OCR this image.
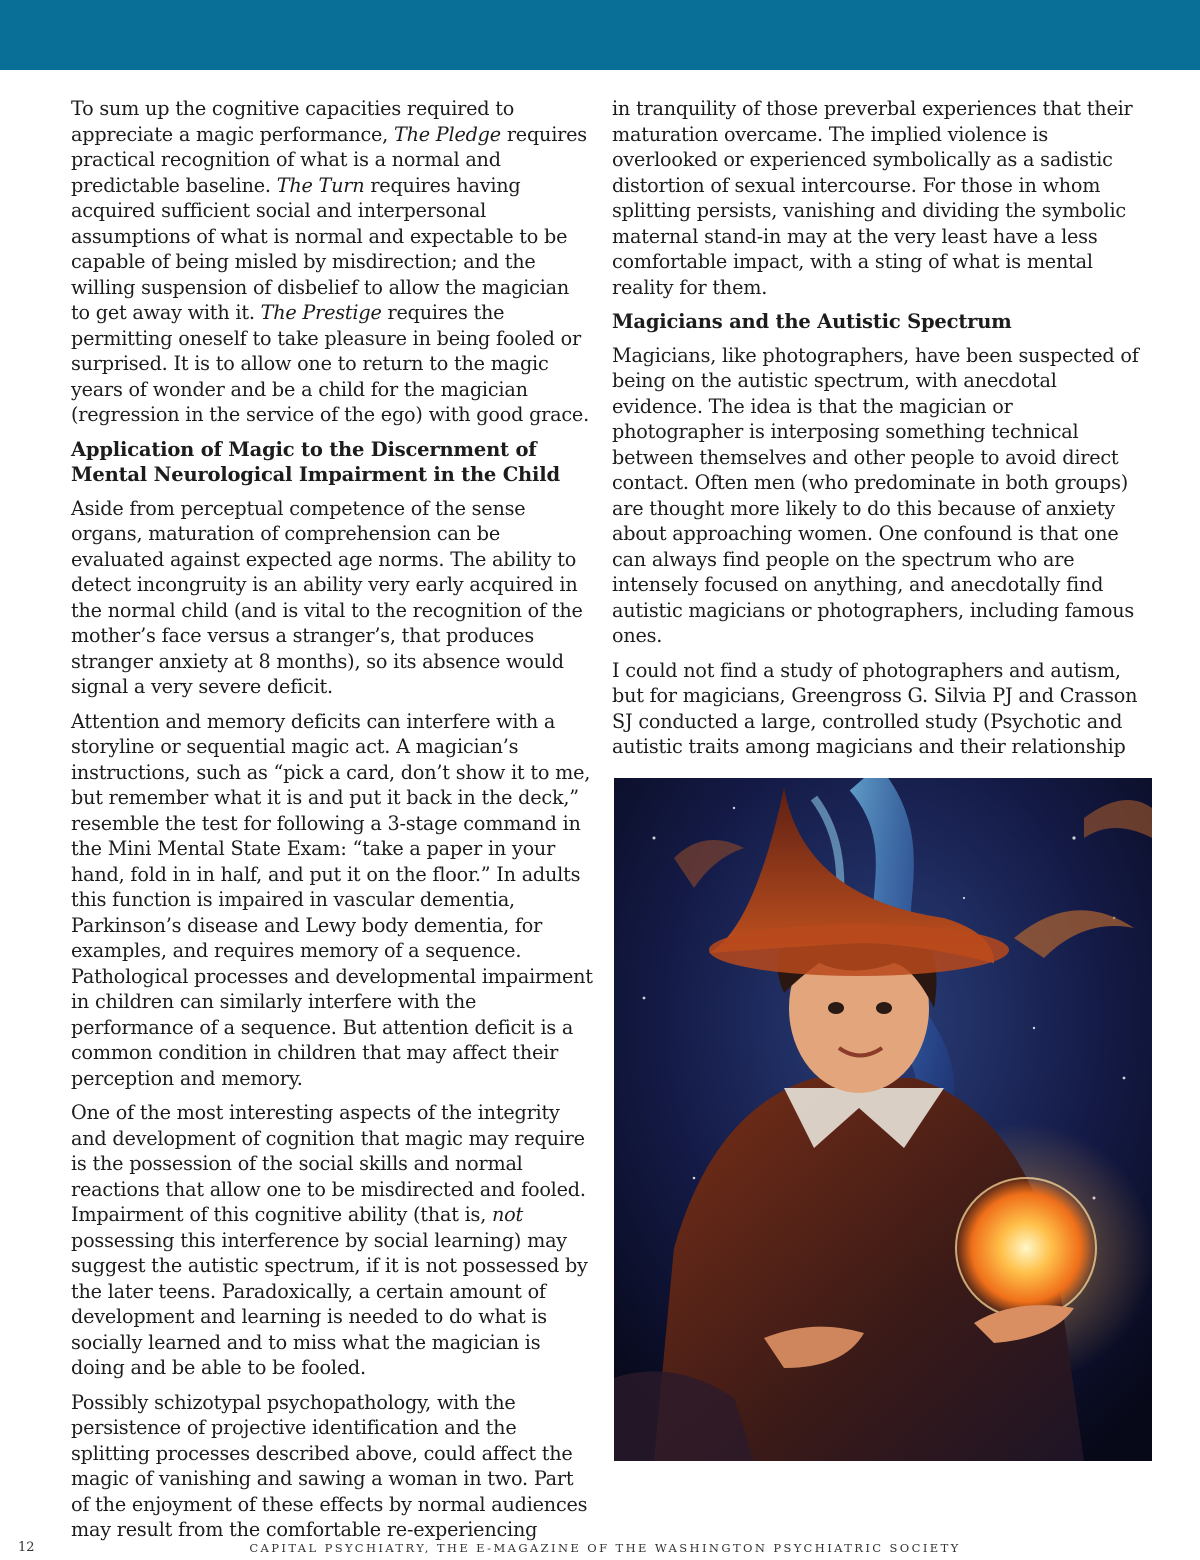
To sum up the cognitive capacities required to appreciate a magic performance, The Pledge requires practical recognition of what is a normal and predictable baseline. The Turn requires having acquired sufficient social and interpersonal assumptions of what is normal and expectable to be capable of being misled by misdirection; and the willing suspension of disbelief to allow the magician to get away with it. The Prestige requires the permitting oneself to take pleasure in being fooled or surprised. It is to allow one to return to the magic years of wonder and be a child for the magician (regression in the service of the ego) with good grace.

Application of Magic to the Discernment of Mental Neurological Impairment in the Child

Aside from perceptual competence of the sense organs, maturation of comprehension can be evaluated against expected age norms. The ability to detect incongruity is an ability very early acquired in the normal child (and is vital to the recognition of the mother’s face versus a stranger’s, that produces stranger anxiety at 8 months), so its absence would signal a very severe deficit.

Attention and memory deficits can interfere with a storyline or sequential magic act. A magician’s instructions, such as “pick a card, don’t show it to me, but remember what it is and put it back in the deck,” resemble the test for following a 3-stage command in the Mini Mental State Exam: “take a paper in your hand, fold in in half, and put it on the floor.” In adults this function is impaired in vascular dementia, Parkinson’s disease and Lewy body dementia, for examples, and requires memory of a sequence. Pathological processes and developmental impairment in children can similarly interfere with the performance of a sequence. But attention deficit is a common condition in children that may affect their perception and memory.

One of the most interesting aspects of the integrity and development of cognition that magic may require is the possession of the social skills and normal reactions that allow one to be misdirected and fooled. Impairment of this cognitive ability (that is, not possessing this interference by social learning) may suggest the autistic spectrum, if it is not possessed by the later teens. Paradoxically, a certain amount of development and learning is needed to do what is socially learned and to miss what the magician is doing and be able to be fooled.

Possibly schizotypal psychopathology, with the persistence of projective identification and the splitting processes described above, could affect the magic of vanishing and sawing a woman in two. Part of the enjoyment of these effects by normal audiences may result from the comfortable re-experiencing

in tranquility of those preverbal experiences that their maturation overcame. The implied violence is overlooked or experienced symbolically as a sadistic distortion of sexual intercourse. For those in whom splitting persists, vanishing and dividing the symbolic maternal stand-in may at the very least have a less comfortable impact, with a sting of what is mental reality for them.

Magicians and the Autistic Spectrum

Magicians, like photographers, have been suspected of being on the autistic spectrum, with anecdotal evidence. The idea is that the magician or photographer is interposing something technical between themselves and other people to avoid direct contact. Often men (who predominate in both groups) are thought more likely to do this because of anxiety about approaching women. One confound is that one can always find people on the spectrum who are intensely focused on anything, and anecdotally find autistic magicians or photographers, including famous ones.

I could not find a study of photographers and autism, but for magicians, Greengross G. Silvia PJ and Crasson SJ conducted a large, controlled study (Psychotic and autistic traits among magicians and their relationship

12	CAPITAL PSYCHIATRY, THE E-MAGAZINE OF THE WASHINGTON PSYCHIATRIC SOCIETY
